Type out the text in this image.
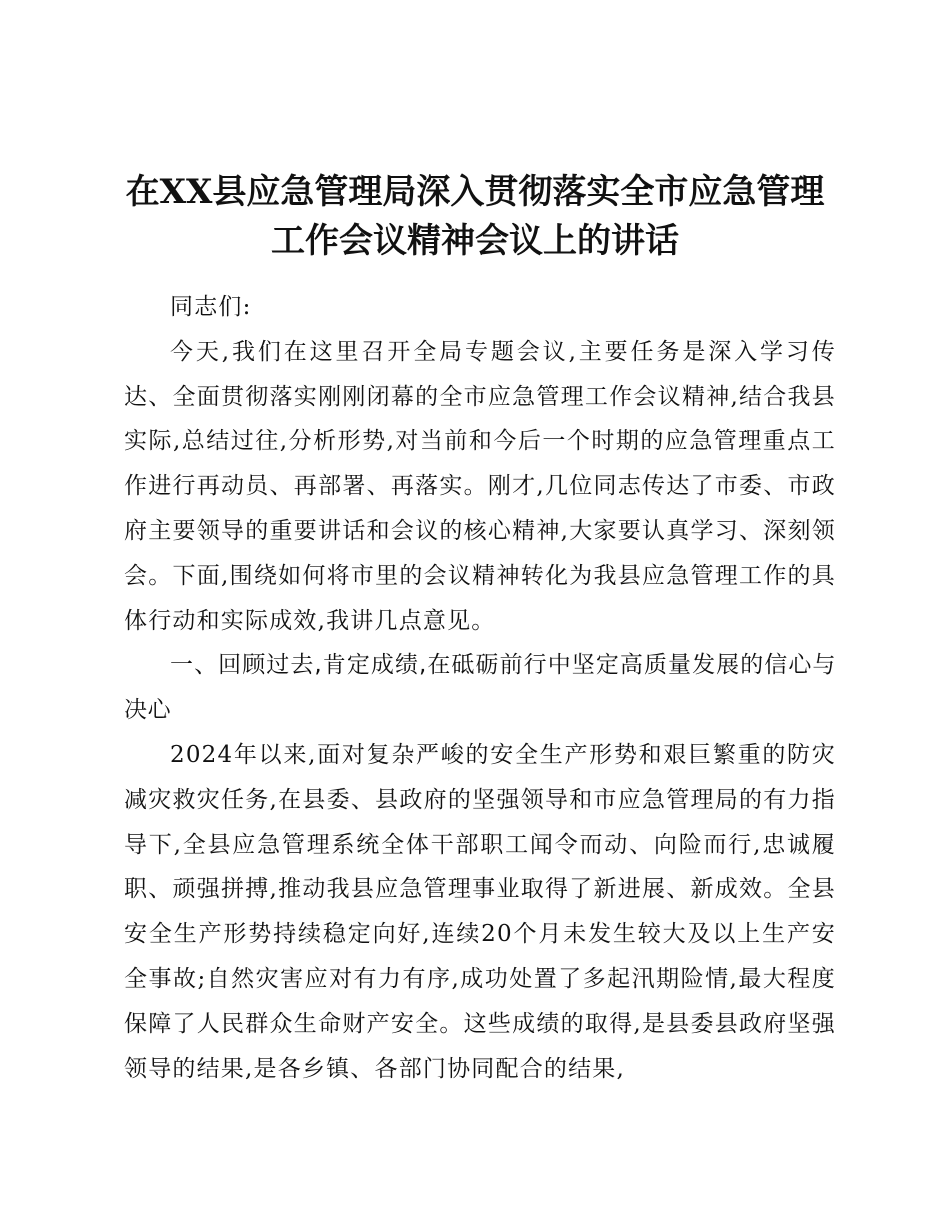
在XX县应急管理局深入贯彻落实全市应急管理
工作会议精神会议上的讲话

同志们:

今天,我们在这里召开全局专题会议,主要任务是深入学习传达、全面贯彻落实刚刚闭幕的全市应急管理工作会议精神,结合我县实际,总结过往,分析形势,对当前和今后一个时期的应急管理重点工作进行再动员、再部署、再落实。刚才,几位同志传达了市委、市政府主要领导的重要讲话和会议的核心精神,大家要认真学习、深刻领会。下面,围绕如何将市里的会议精神转化为我县应急管理工作的具体行动和实际成效,我讲几点意见。

一、回顾过去,肯定成绩,在砥砺前行中坚定高质量发展的信心与决心

2024年以来,面对复杂严峻的安全生产形势和艰巨繁重的防灾减灾救灾任务,在县委、县政府的坚强领导和市应急管理局的有力指导下,全县应急管理系统全体干部职工闻令而动、向险而行,忠诚履职、顽强拼搏,推动我县应急管理事业取得了新进展、新成效。全县安全生产形势持续稳定向好,连续20个月未发生较大及以上生产安全事故;自然灾害应对有力有序,成功处置了多起汛期险情,最大程度保障了人民群众生命财产安全。这些成绩的取得,是县委县政府坚强领导的结果,是各乡镇、各部门协同配合的结果,
